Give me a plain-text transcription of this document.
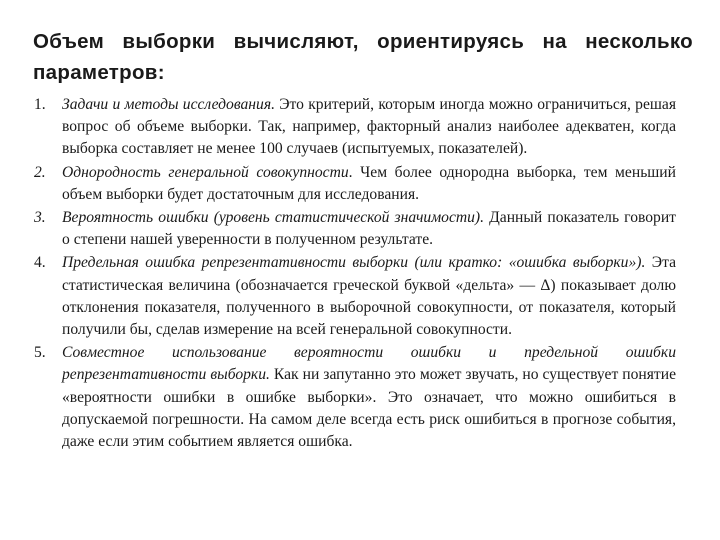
Объем выборки вычисляют, ориентируясь на несколько параметров:
1.	Задачи и методы исследования. Это критерий, которым иногда можно ограничиться, решая вопрос об объеме выборки. Так, например, факторный анализ наиболее адекватен, когда выборка составляет не менее 100 случаев (испытуемых, показателей).
2.	Однородность генеральной совокупности. Чем более однородна выборка, тем меньший объем выборки будет достаточным для исследования.
3.	Вероятность ошибки (уровень статистической значимости). Данный показатель говорит о степени нашей уверенности в полученном результате.
4.	Предельная ошибка репрезентативности выборки (или кратко: «ошибка выборки»). Эта статистическая величина (обозначается греческой буквой «дельта» — Δ) показывает долю отклонения показателя, полученного в выборочной совокупности, от показателя, который получили бы, сделав измерение на всей генеральной совокупности.
5.	Совместное использование вероятности ошибки и предельной ошибки репрезентативности выборки. Как ни запутанно это может звучать, но существует понятие «вероятности ошибки в ошибке выборки». Это означает, что можно ошибиться в допускаемой погрешности. На самом деле всегда есть риск ошибиться в прогнозе события, даже если этим событием является ошибка.
